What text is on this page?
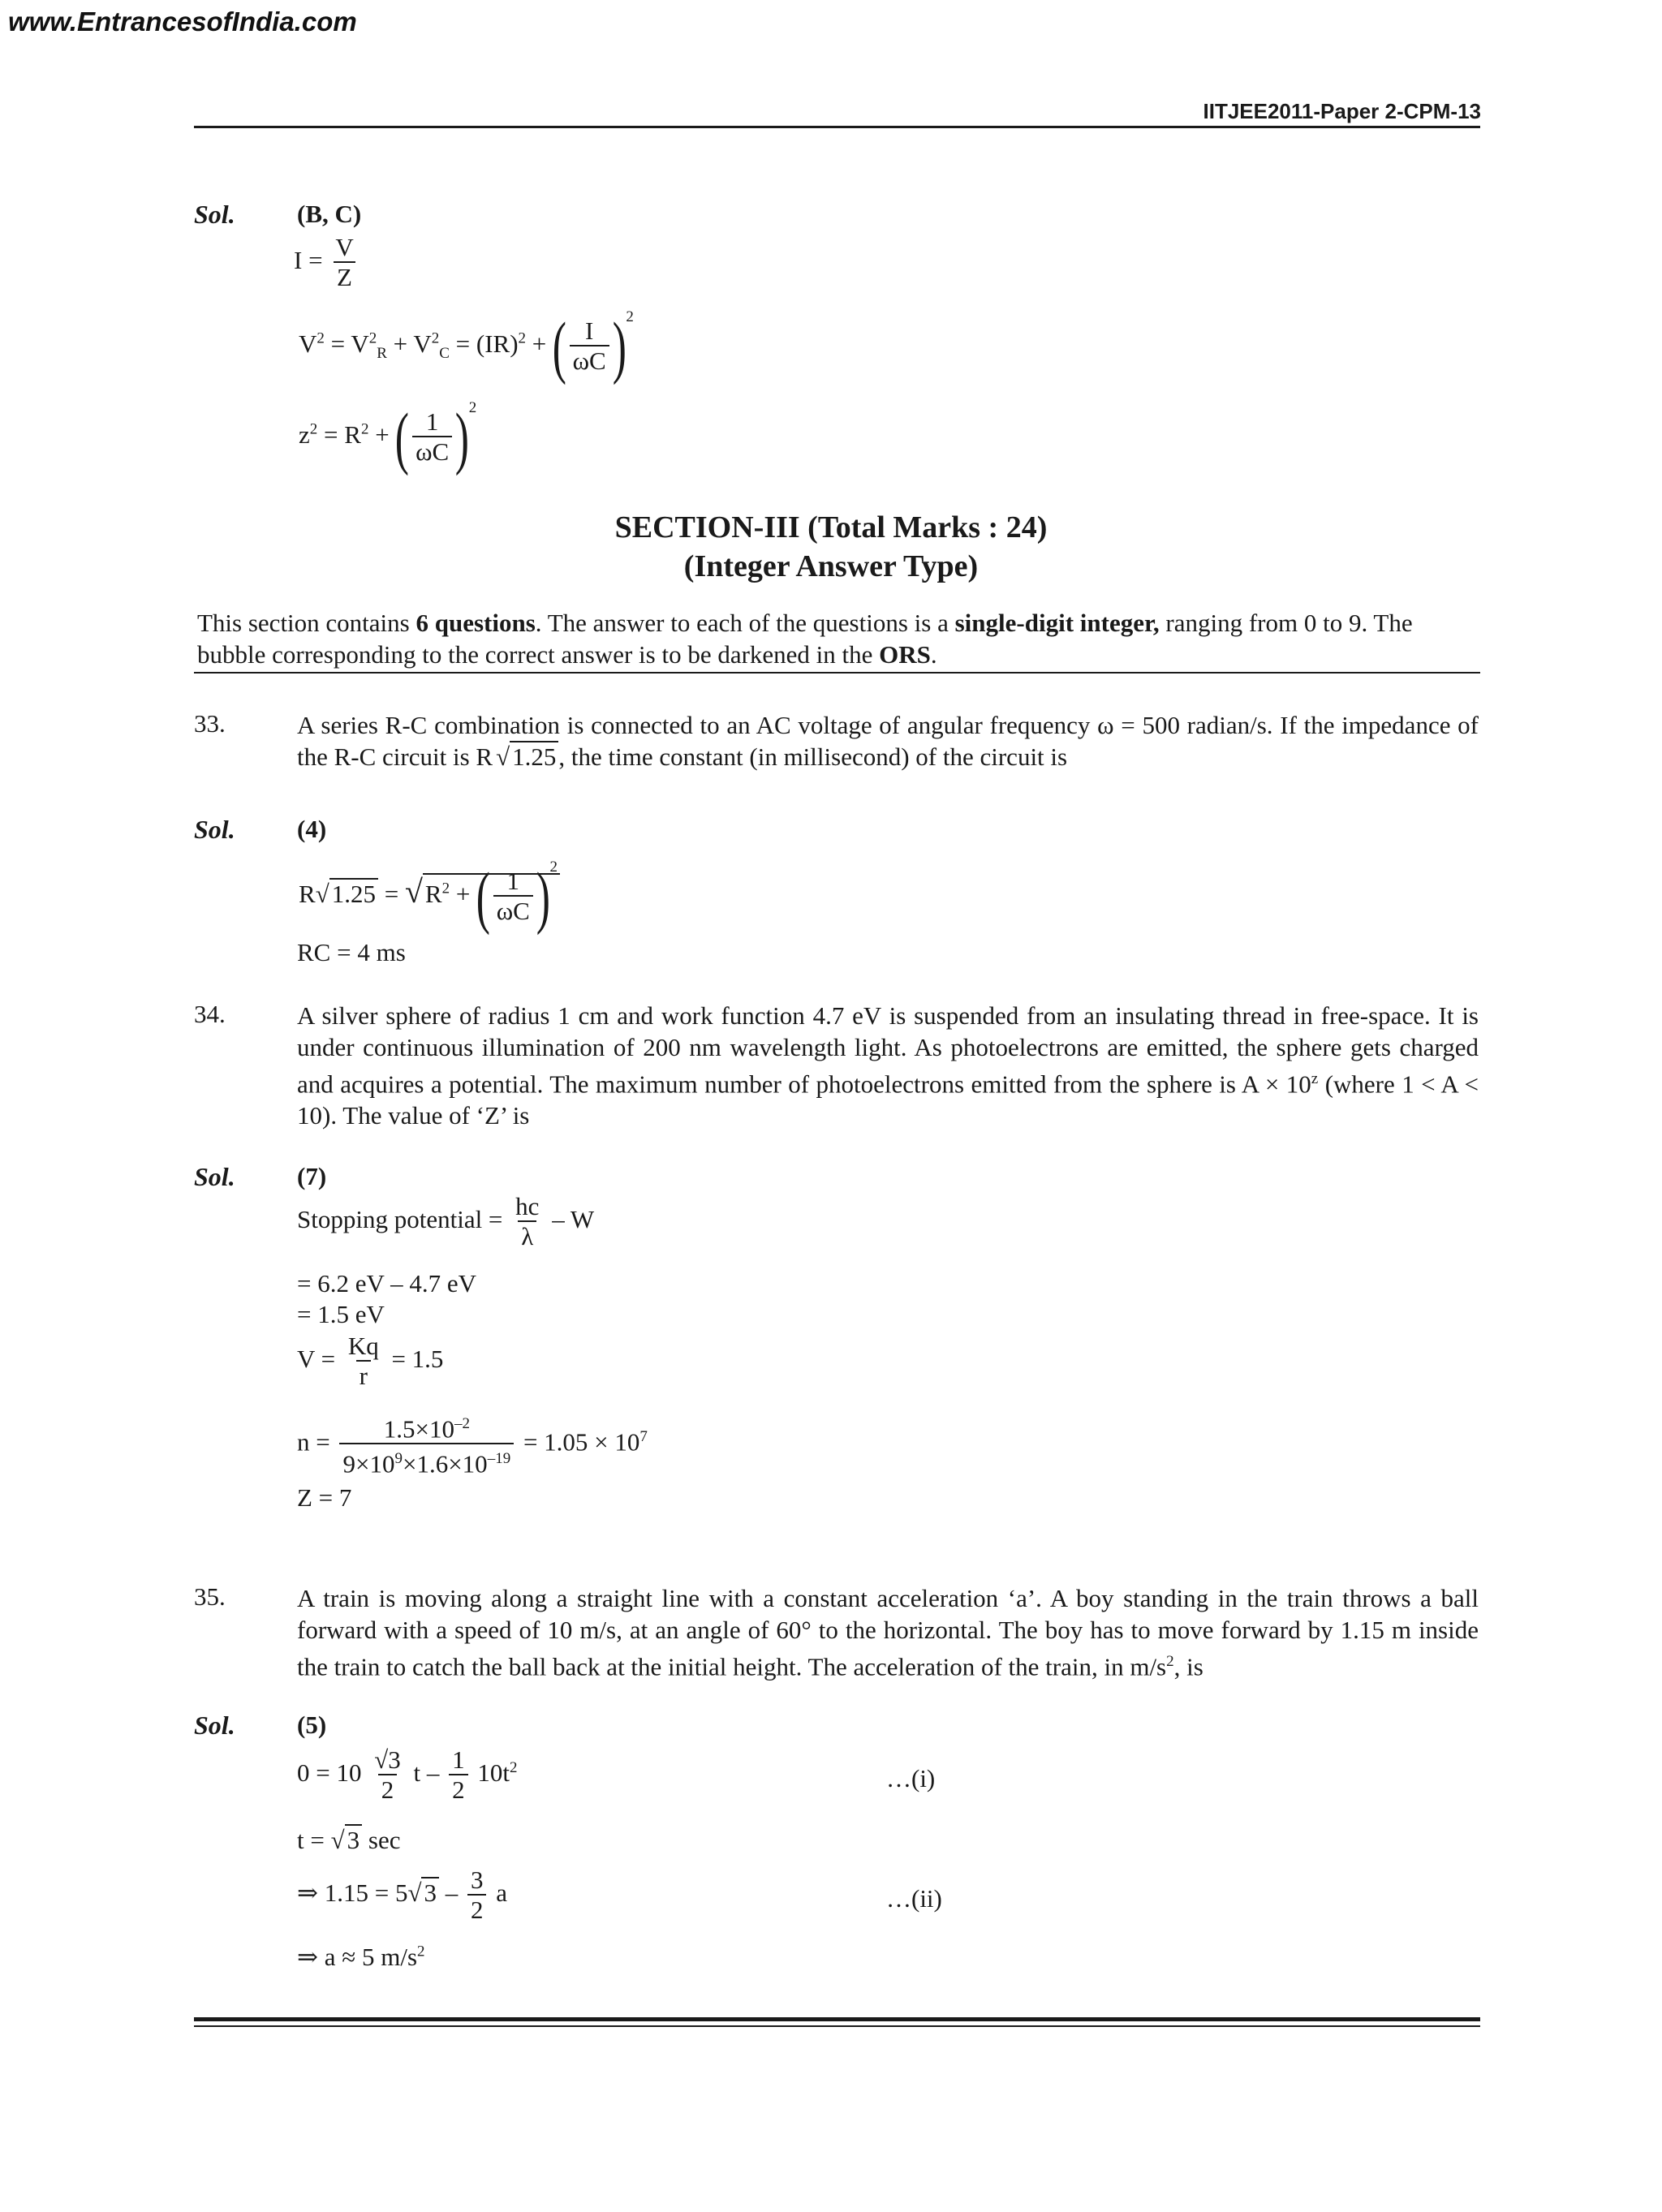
www.EntrancesofIndia.com
IITJEE2011-Paper 2-CPM-13
Sol. (B, C)
$I = \frac{V}{Z}$
$V^2 = V^2_R + V^2_C = (IR)^2$ + ( $\frac{I}{\omega C} )^2$
$z^2 = R^2$ + ( $\frac{1}{\omega C} )^2$
SECTION-III (Total Marks : 24)
(Integer Answer Type)
This section contains 6 questions. The answer to each of the questions is a single-digit integer, ranging from 0 to 9. The bubble corresponding to the correct answer is to be darkened in the ORS.
33.	A series R-C combination is connected to an AC voltage of angular frequency ω = 500 radian/s. If the impedance of the R-C circuit is R √1.25, the time constant (in millisecond) of the circuit is
Sol. (4)
$R√1.25 = √R^2$ + ( $\frac{1}{\omega C} )^2$
RC = 4 ms
34.	A silver sphere of radius 1 cm and work function 4.7 eV is suspended from an insulating thread in free-space. It is under continuous illumination of 200 nm wavelength light. As photoelectrons are emitted, the sphere gets charged and acquires a potential. The maximum number of photoelectrons emitted from the sphere is $A \times 10^z$ (where 1 < A < 10). The value of ‘Z’ is
Sol. (7)
Stopping potential = $\frac{hc}{\lambda}$ – W
= 6.2 eV – 4.7 eV
= 1.5 eV
$V = \frac{Kq}{r} = 1.5$
$n = \frac{1.5\times 10^{-2}}{9\times 10^9\times 1.6\times 10^{-19}} = 1.05 \times 10^7$
Z = 7
35.	A train is moving along a straight line with a constant acceleration ‘a’. A boy standing in the train throws a ball forward with a speed of 10 m/s, at an angle of 60° to the horizontal. The boy has to move forward by 1.15 m inside the train to catch the ball back at the initial height. The acceleration of the train, in $m/s^2$, is
Sol. (5)
$0 = 10 \frac{√3}{2}$ t – $\frac{1}{2} 10t^2$	…(i)
t = √3 sec
⇒ $1.15 = 5√3 - \frac{3}{2}$ a	…(ii)
⇒ a ≈ 5 $m/s^2$
